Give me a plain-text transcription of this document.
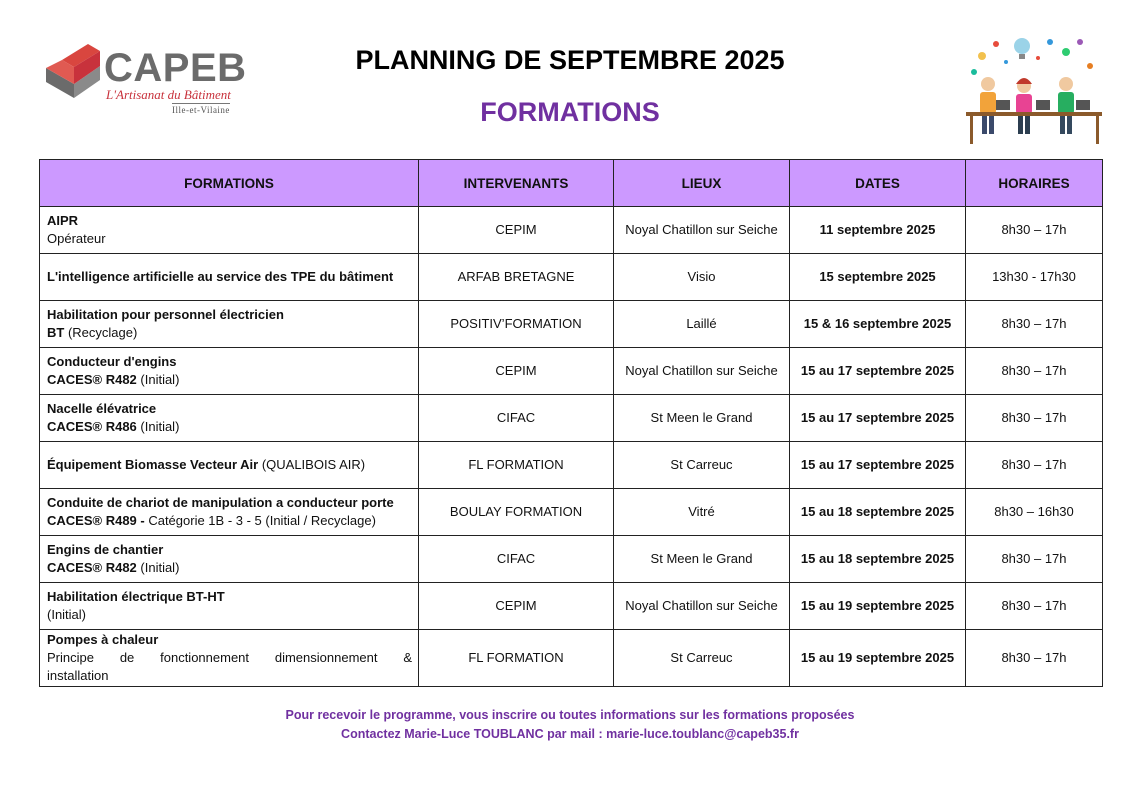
CAPEB
L'Artisanat du Bâtiment
Ille-et-Vilaine
PLANNING DE SEPTEMBRE 2025
FORMATIONS
FORMATIONS	INTERVENANTS	LIEUX	DATES	HORAIRES
AIPR
Opérateur	CEPIM	Noyal Chatillon sur Seiche	11 septembre 2025	8h30 – 17h
L'intelligence artificielle au service des TPE du bâtiment	ARFAB BRETAGNE	Visio	15 septembre 2025	13h30 - 17h30
Habilitation pour personnel électricien
BT (Recyclage)	POSITIV’FORMATION	Laillé	15 & 16 septembre 2025	8h30 – 17h
Conducteur d'engins
CACES® R482 (Initial)	CEPIM	Noyal Chatillon sur Seiche	15 au 17 septembre 2025	8h30 – 17h
Nacelle élévatrice
CACES® R486 (Initial)	CIFAC	St Meen le Grand	15 au 17 septembre 2025	8h30 – 17h
Équipement Biomasse Vecteur Air (QUALIBOIS AIR)	FL FORMATION	St Carreuc	15 au 17 septembre 2025	8h30 – 17h
Conduite de chariot de manipulation a conducteur porte
CACES® R489 - Catégorie 1B - 3 - 5 (Initial / Recyclage)	BOULAY FORMATION	Vitré	15 au 18 septembre 2025	8h30 – 16h30
Engins de chantier
CACES® R482 (Initial)	CIFAC	St Meen le Grand	15 au 18 septembre 2025	8h30 – 17h
Habilitation électrique BT-HT
(Initial)	CEPIM	Noyal Chatillon sur Seiche	15 au 19 septembre 2025	8h30 – 17h
Pompes à chaleur

Principe de fonctionnement dimensionnement &
installation	FL FORMATION	St Carreuc	15 au 19 septembre 2025	8h30 – 17h
Pour recevoir le programme, vous inscrire ou toutes informations sur les formations proposées
Contactez Marie-Luce TOUBLANC par mail : marie-luce.toublanc@capeb35.fr
